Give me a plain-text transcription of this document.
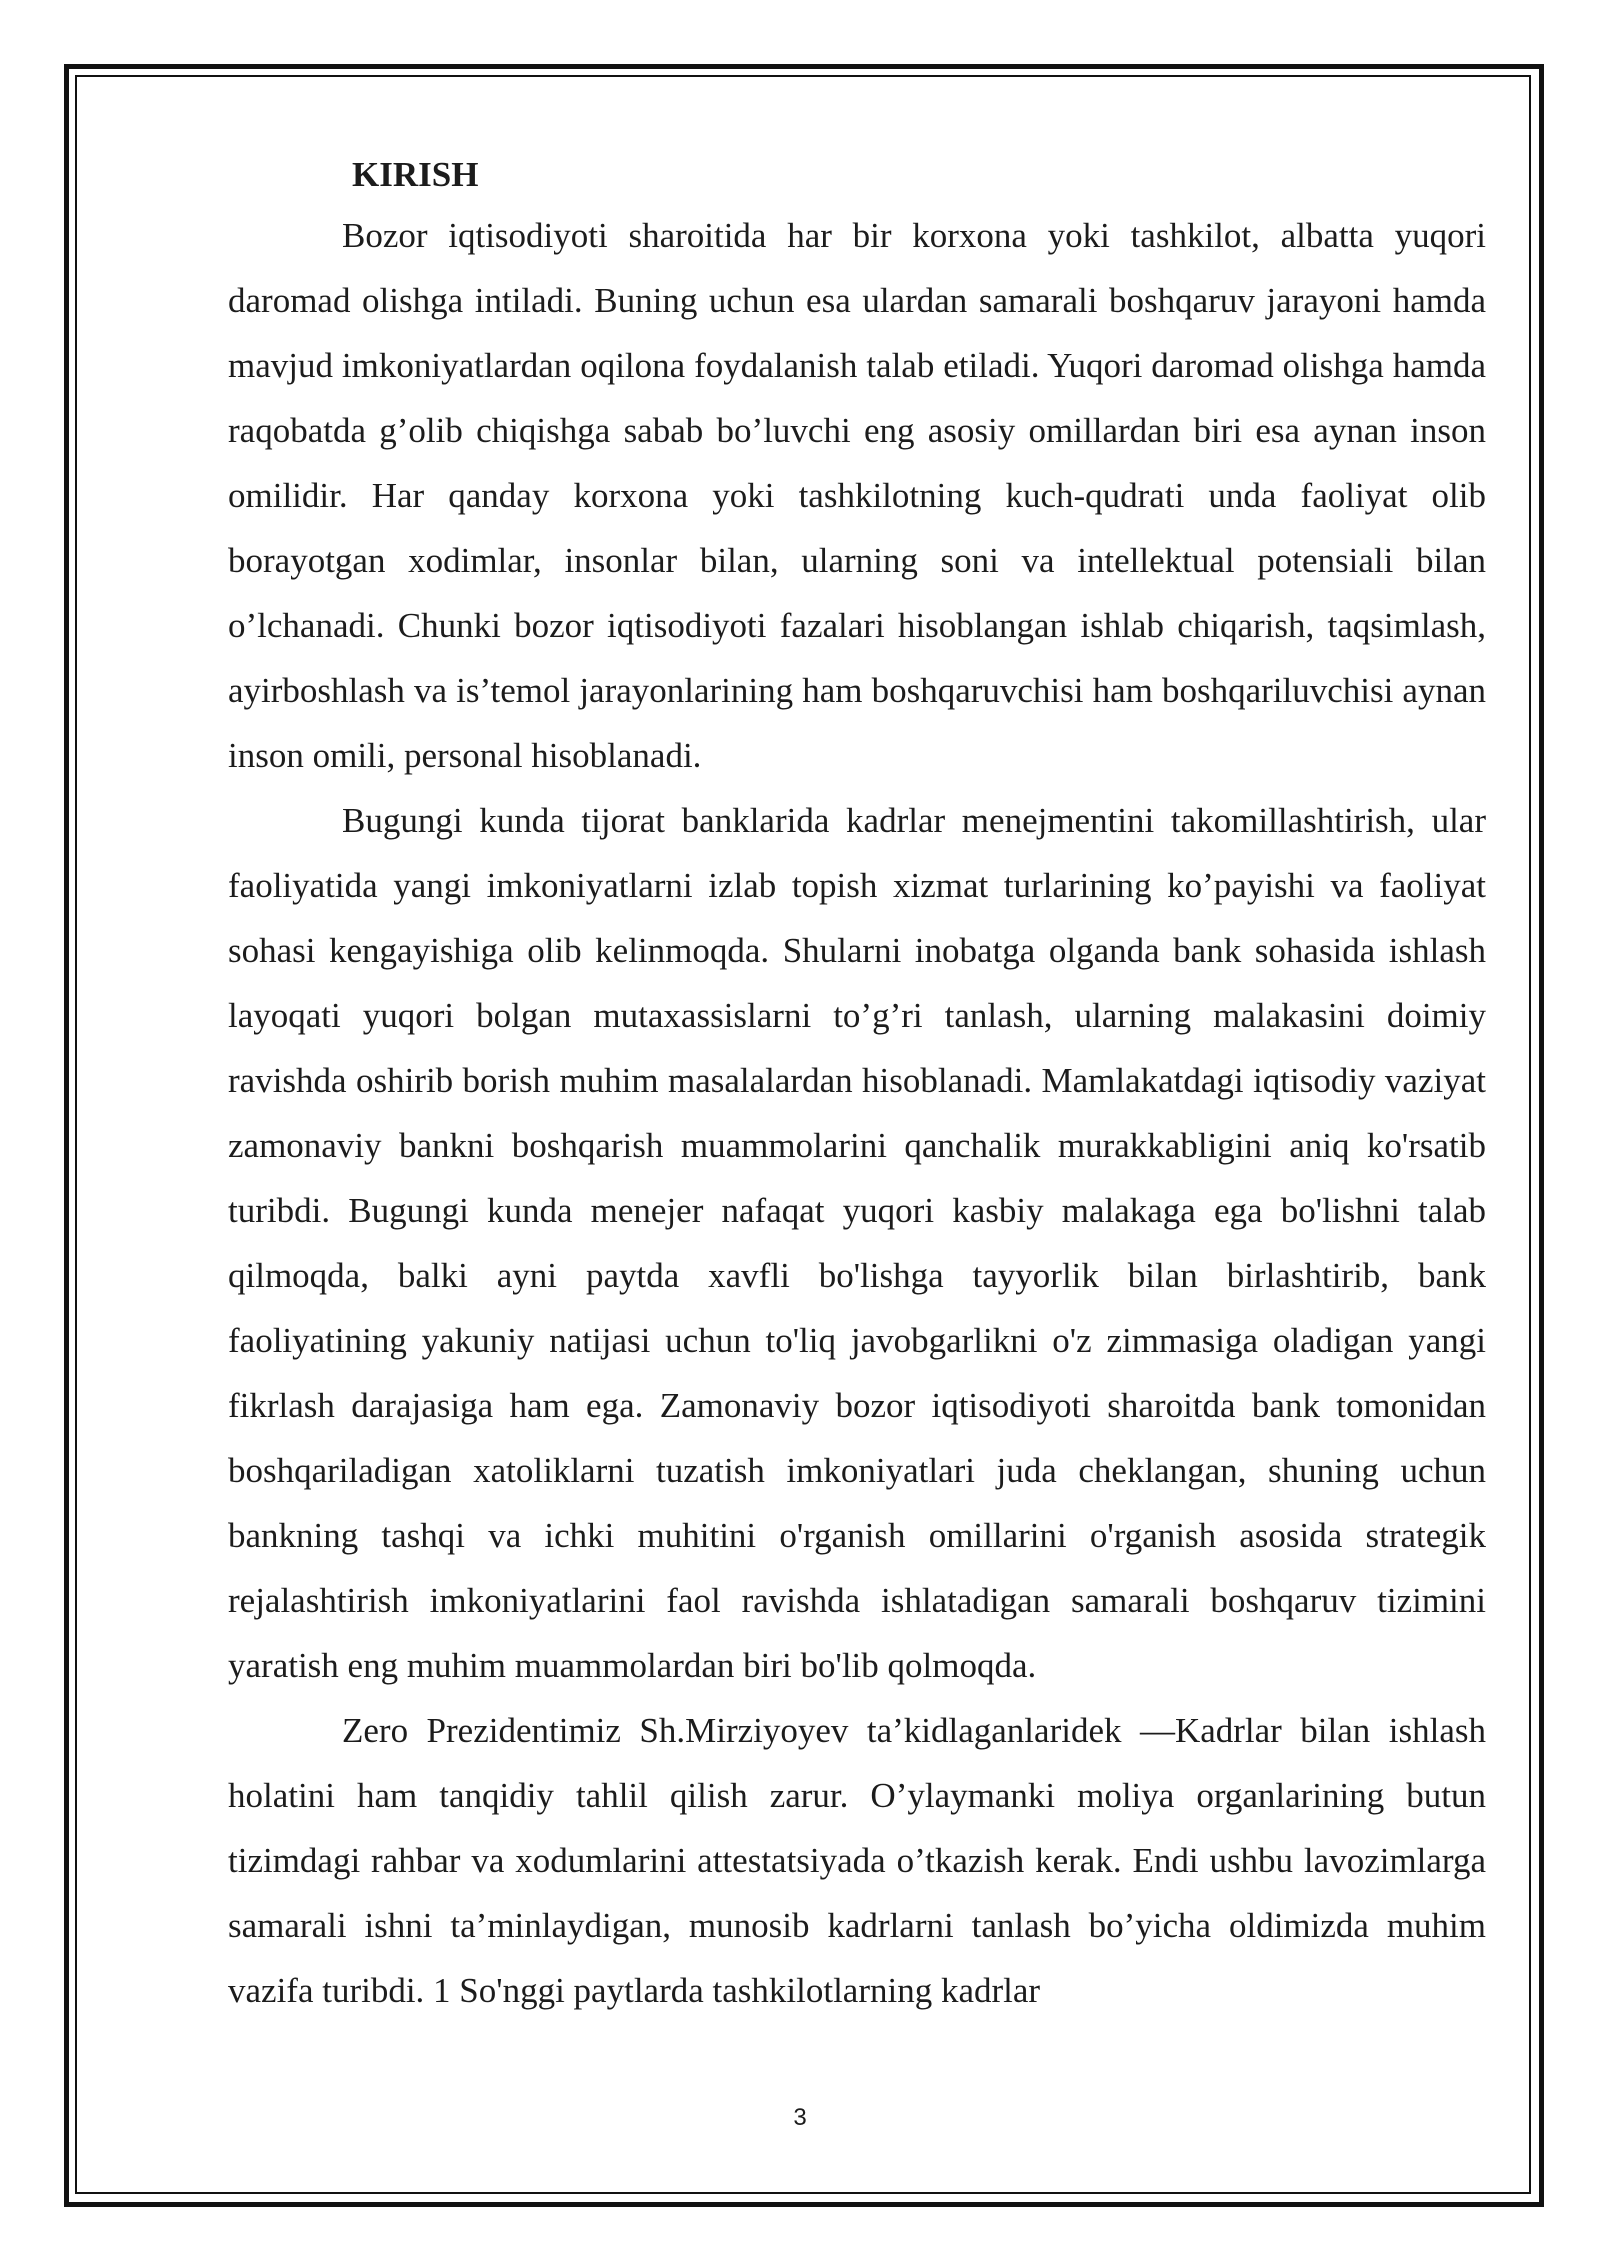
KIRISH

Bozor iqtisodiyoti sharoitida har bir korxona yoki tashkilot, albatta yuqori daromad olishga intiladi. Buning uchun esa ulardan samarali boshqaruv jarayoni hamda mavjud imkoniyatlardan oqilona foydalanish talab etiladi. Yuqori daromad olishga hamda raqobatda g’olib chiqishga sabab bo’luvchi eng asosiy omillardan biri esa aynan inson omilidir. Har qanday korxona yoki tashkilotning kuch-qudrati unda faoliyat olib borayotgan xodimlar, insonlar bilan, ularning soni va intellektual potensiali bilan o’lchanadi. Chunki bozor iqtisodiyoti fazalari hisoblangan ishlab chiqarish, taqsimlash, ayirboshlash va is’temol jarayonlarining ham boshqaruvchisi ham boshqariluvchisi aynan inson omili, personal hisoblanadi.

Bugungi kunda tijorat banklarida kadrlar menejmentini takomillashtirish, ular faoliyatida yangi imkoniyatlarni izlab topish xizmat turlarining ko’payishi va faoliyat sohasi kengayishiga olib kelinmoqda. Shularni inobatga olganda bank sohasida ishlash layoqati yuqori bolgan mutaxassislarni to’g’ri tanlash, ularning malakasini doimiy ravishda oshirib borish muhim masalalardan hisoblanadi. Mamlakatdagi iqtisodiy vaziyat zamonaviy bankni boshqarish muammolarini qanchalik murakkabligini aniq ko'rsatib turibdi. Bugungi kunda menejer nafaqat yuqori kasbiy malakaga ega bo'lishni talab qilmoqda, balki ayni paytda xavfli bo'lishga tayyorlik bilan birlashtirib, bank faoliyatining yakuniy natijasi uchun to'liq javobgarlikni o'z zimmasiga oladigan yangi fikrlash darajasiga ham ega. Zamonaviy bozor iqtisodiyoti sharoitda bank tomonidan boshqariladigan xatoliklarni tuzatish imkoniyatlari juda cheklangan, shuning uchun bankning tashqi va ichki muhitini o'rganish omillarini o'rganish asosida strategik rejalashtirish imkoniyatlarini faol ravishda ishlatadigan samarali boshqaruv tizimini yaratish eng muhim muammolardan biri bo'lib qolmoqda.

Zero Prezidentimiz Sh.Mirziyoyev ta’kidlaganlaridek ―Kadrlar bilan ishlash holatini ham tanqidiy tahlil qilish zarur. O’ylaymanki moliya organlarining butun tizimdagi rahbar va xodumlarini attestatsiyada o’tkazish kerak. Endi ushbu lavozimlarga samarali ishni ta’minlaydigan, munosib kadrlarni tanlash bo’yicha oldimizda muhim vazifa turibdi. 1 So'nggi paytlarda tashkilotlarning kadrlar

3
